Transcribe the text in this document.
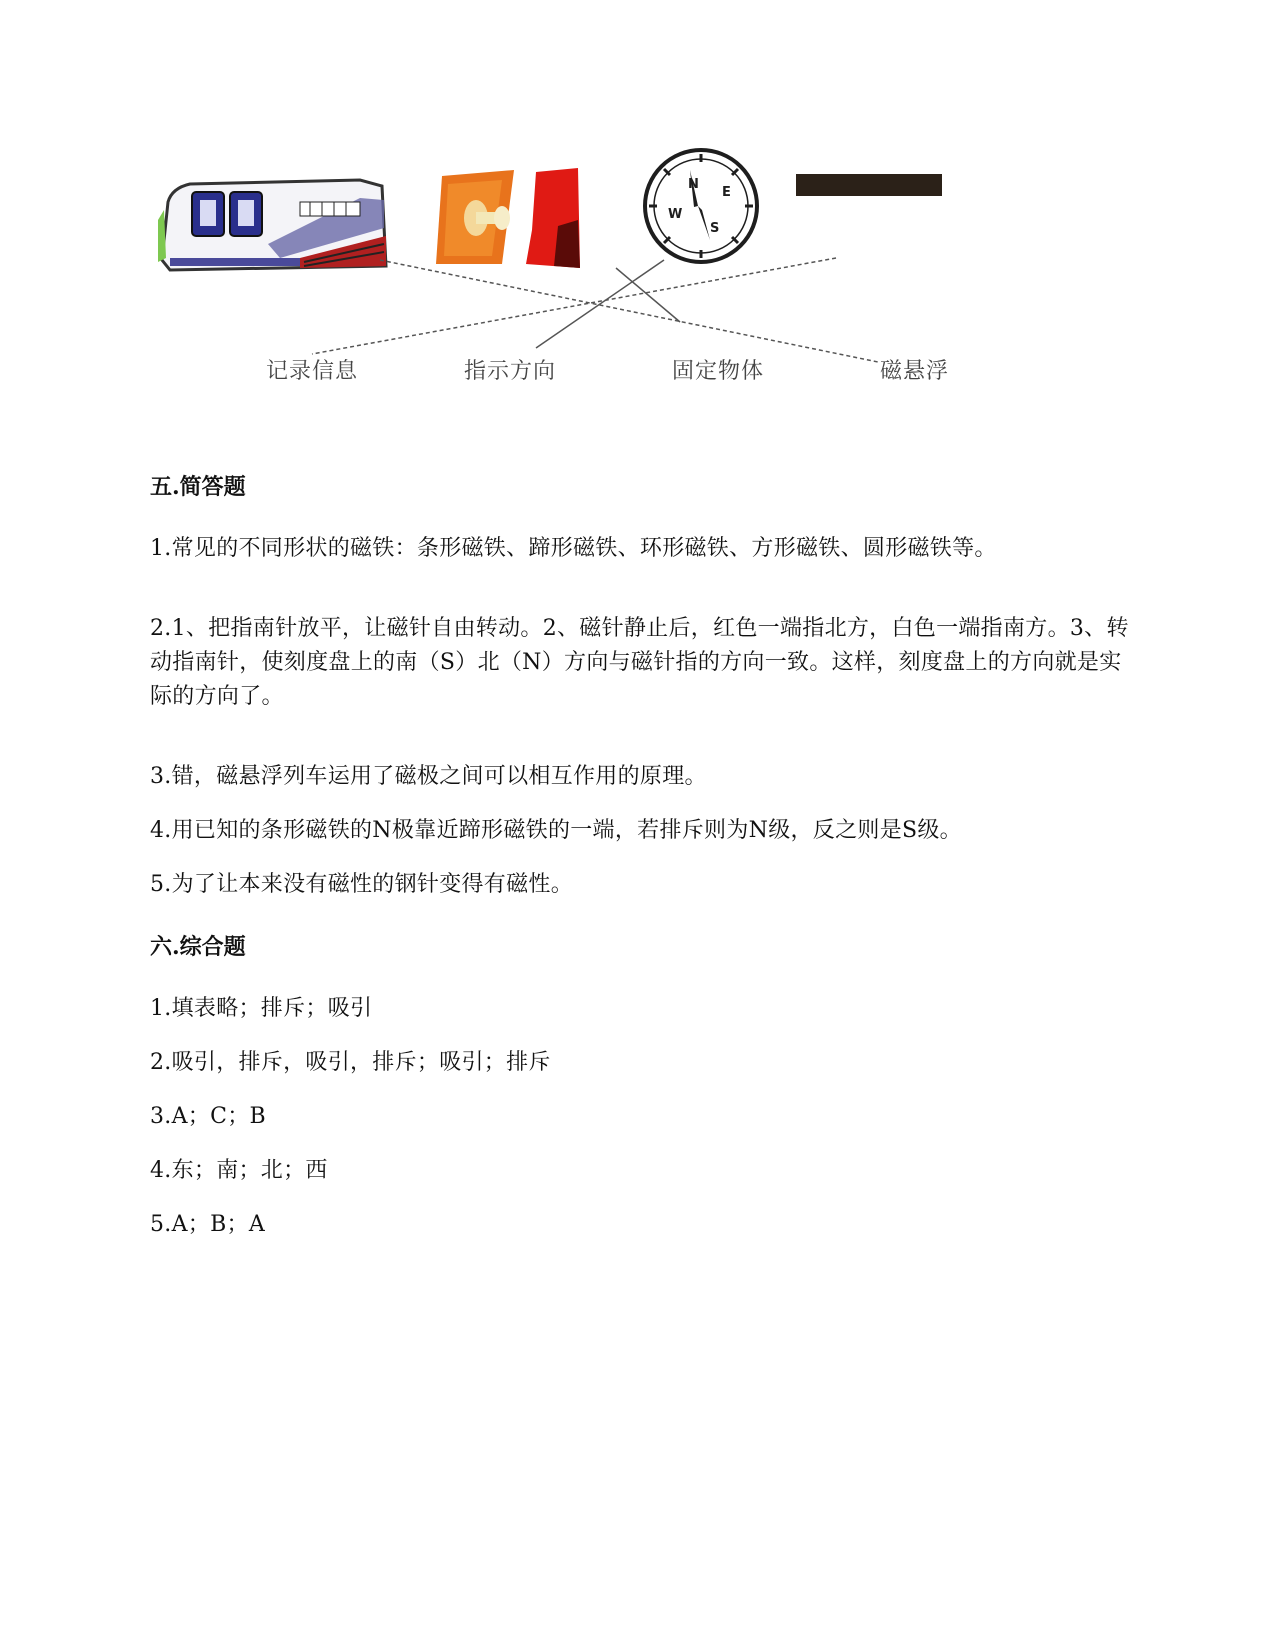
N
E
S
W
记录信息	指示方向	固定物体	磁悬浮
五.简答题

1.常见的不同形状的磁铁：条形磁铁、蹄形磁铁、环形磁铁、方形磁铁、圆形磁铁等。

2.1、把指南针放平，让磁针自由转动。2、磁针静止后，红色一端指北方，白色一端指南方。3、转动指南针，使刻度盘上的南（S）北（N）方向与磁针指的方向一致。这样，刻度盘上的方向就是实际的方向了。

3.错，磁悬浮列车运用了磁极之间可以相互作用的原理。

4.用已知的条形磁铁的N极靠近蹄形磁铁的一端，若排斥则为N级，反之则是S级。

5.为了让本来没有磁性的钢针变得有磁性。

六.综合题

1.填表略；排斥；吸引

2.吸引，排斥，吸引，排斥；吸引；排斥

3.A；C；B

4.东；南；北；西

5.A；B；A
